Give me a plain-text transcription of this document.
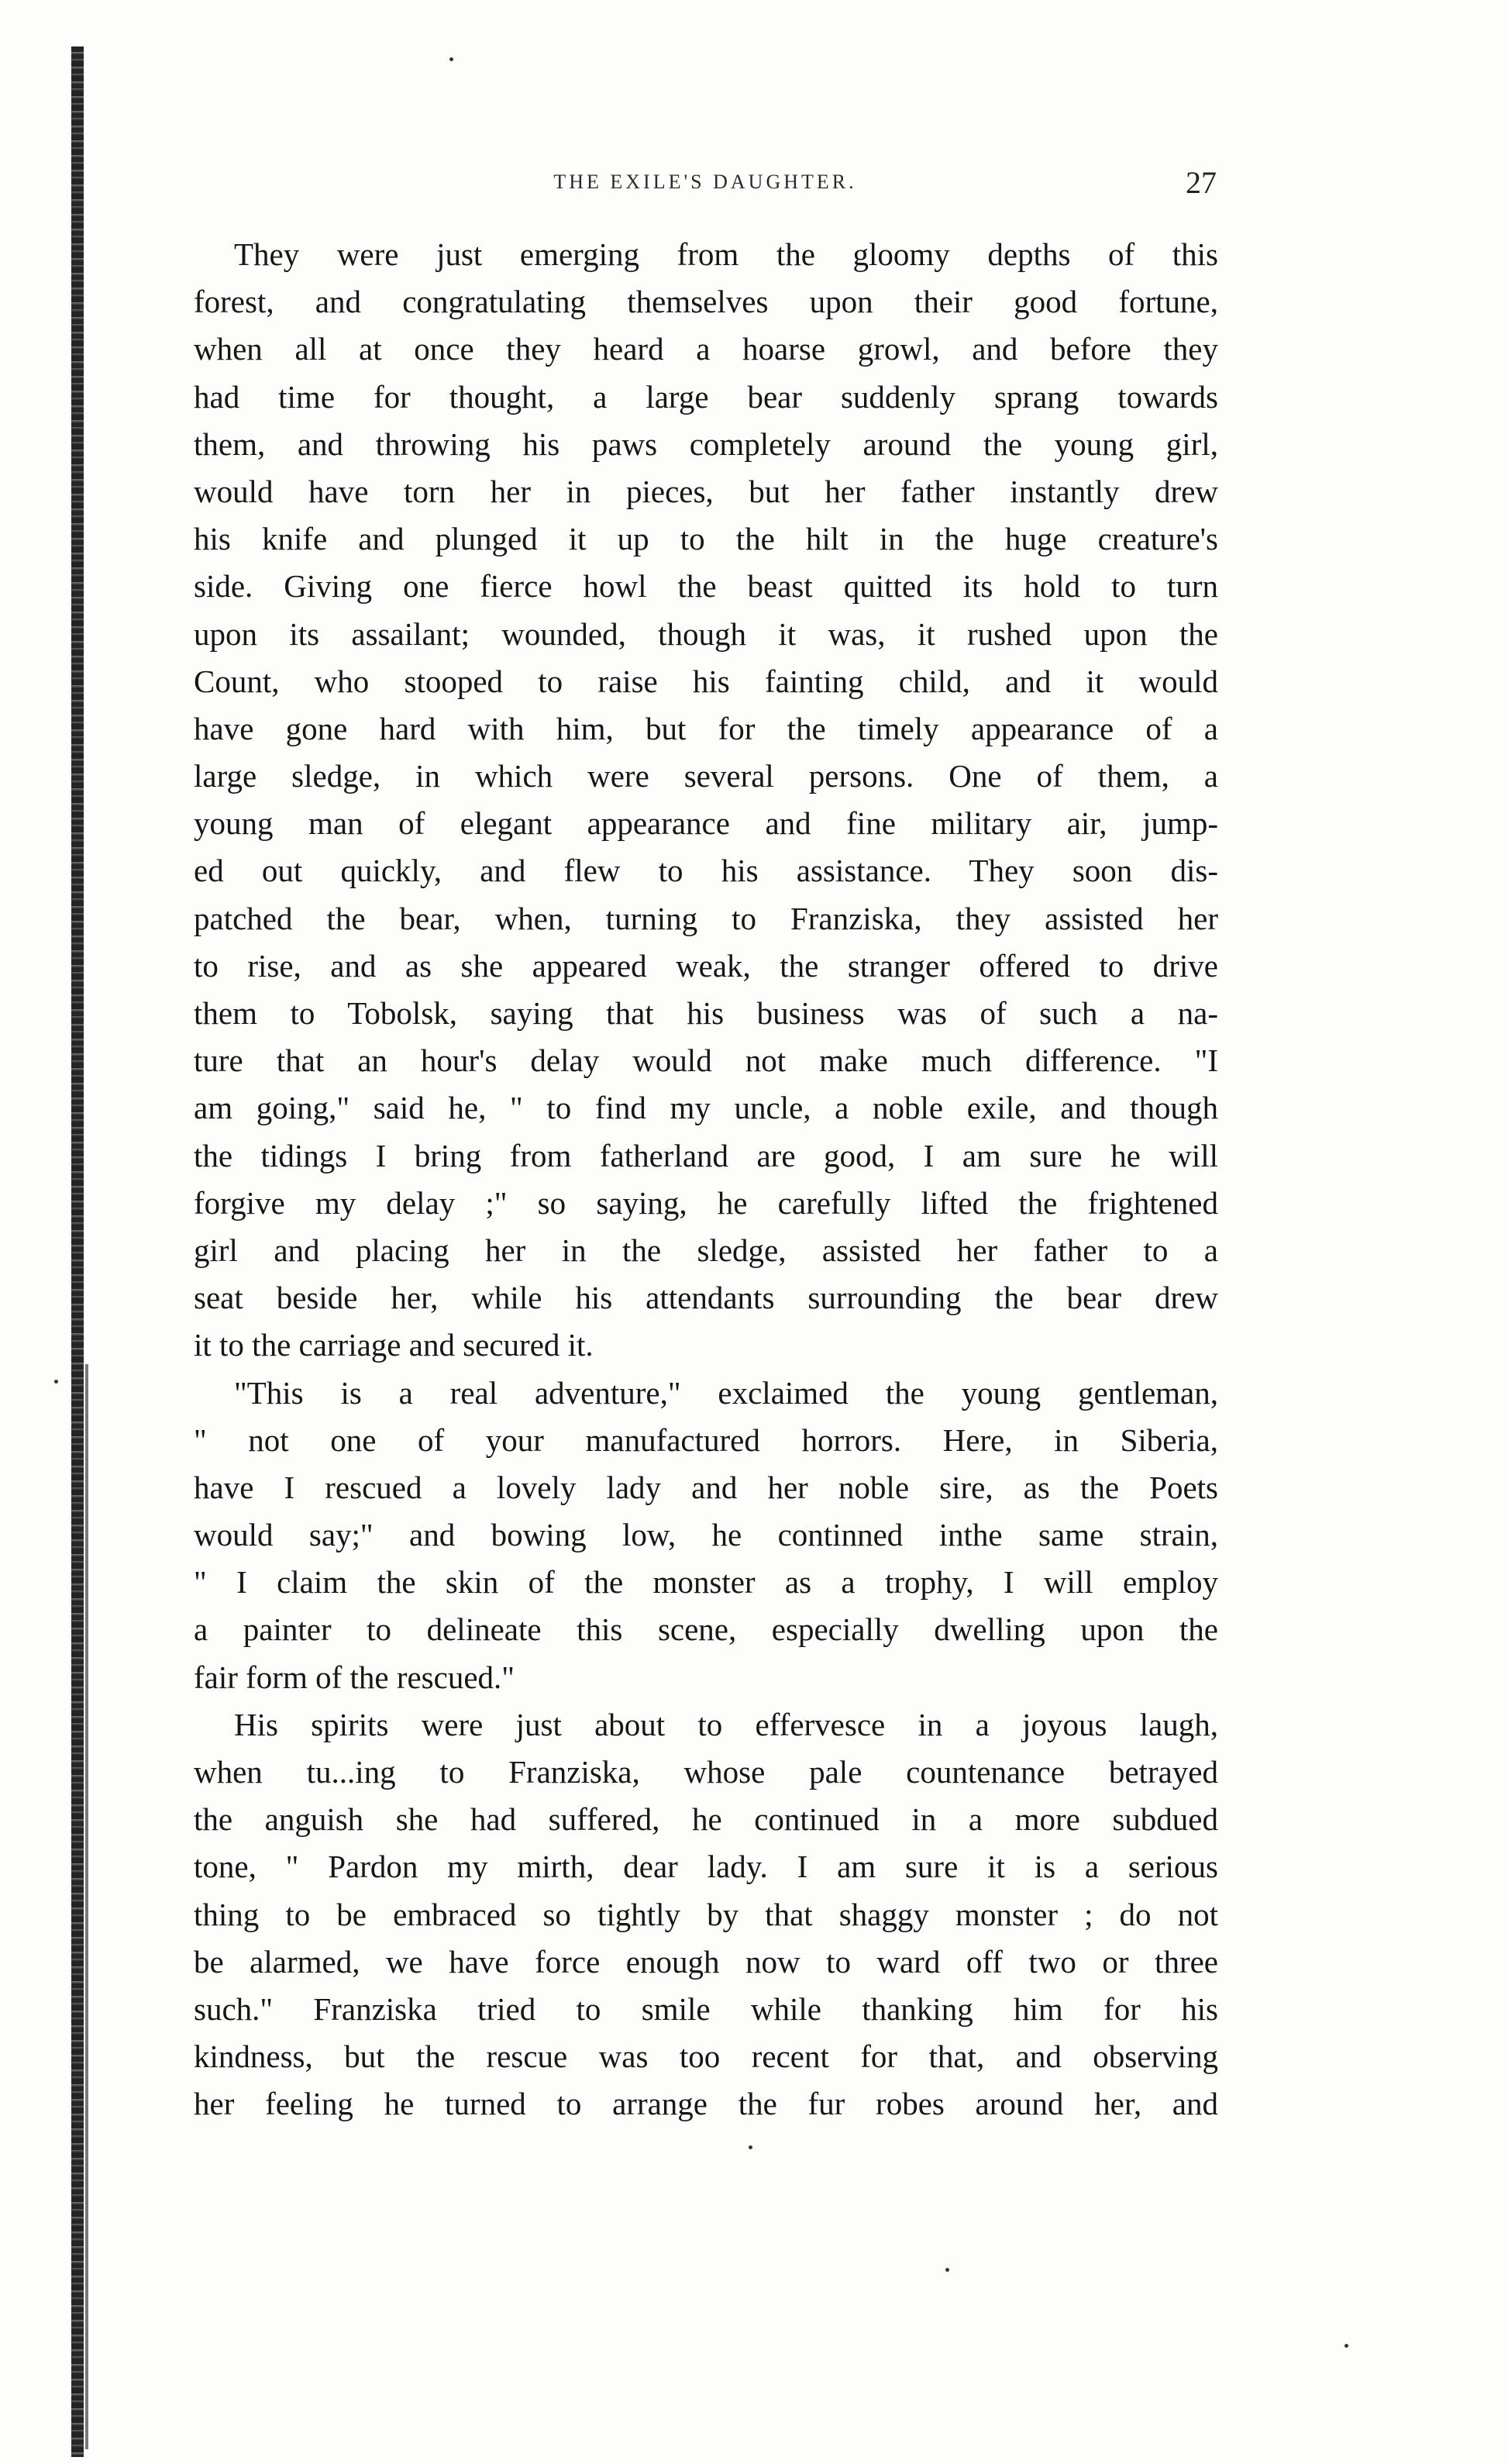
THE EXILE'S DAUGHTER.	27
They were just emerging from the gloomy depths of this
forest, and congratulating themselves upon their good fortune,
when all at once they heard a hoarse growl, and before they
had time for thought, a large bear suddenly sprang towards
them, and throwing his paws completely around the young girl,
would have torn her in pieces, but her father instantly drew
his knife and plunged it up to the hilt in the huge creature's
side. Giving one fierce howl the beast quitted its hold to turn
upon its assailant; wounded, though it was, it rushed upon the
Count, who stooped to raise his fainting child, and it would
have gone hard with him, but for the timely appearance of a
large sledge, in which were several persons. One of them, a
young man of elegant appearance and fine military air, jump-
ed out quickly, and flew to his assistance. They soon dis-
patched the bear, when, turning to Franziska, they assisted her
to rise, and as she appeared weak, the stranger offered to drive
them to Tobolsk, saying that his business was of such a na-
ture that an hour's delay would not make much difference. "I
am going," said he, " to find my uncle, a noble exile, and though
the tidings I bring from fatherland are good, I am sure he will
forgive my delay ;" so saying, he carefully lifted the frightened
girl and placing her in the sledge, assisted her father to a
seat beside her, while his attendants surrounding the bear drew
it to the carriage and secured it.
"This is a real adventure," exclaimed the young gentleman,
" not one of your manufactured horrors. Here, in Siberia,
have I rescued a lovely lady and her noble sire, as the Poets
would say;" and bowing low, he continned inthe same strain,
" I claim the skin of the monster as a trophy, I will employ
a painter to delineate this scene, especially dwelling upon the
fair form of the rescued."
His spirits were just about to effervesce in a joyous laugh,
when tu...ing to Franziska, whose pale countenance betrayed
the anguish she had suffered, he continued in a more subdued
tone, " Pardon my mirth, dear lady. I am sure it is a serious
thing to be embraced so tightly by that shaggy monster ; do not
be alarmed, we have force enough now to ward off two or three
such." Franziska tried to smile while thanking him for his
kindness, but the rescue was too recent for that, and observing
her feeling he turned to arrange the fur robes around her, and
